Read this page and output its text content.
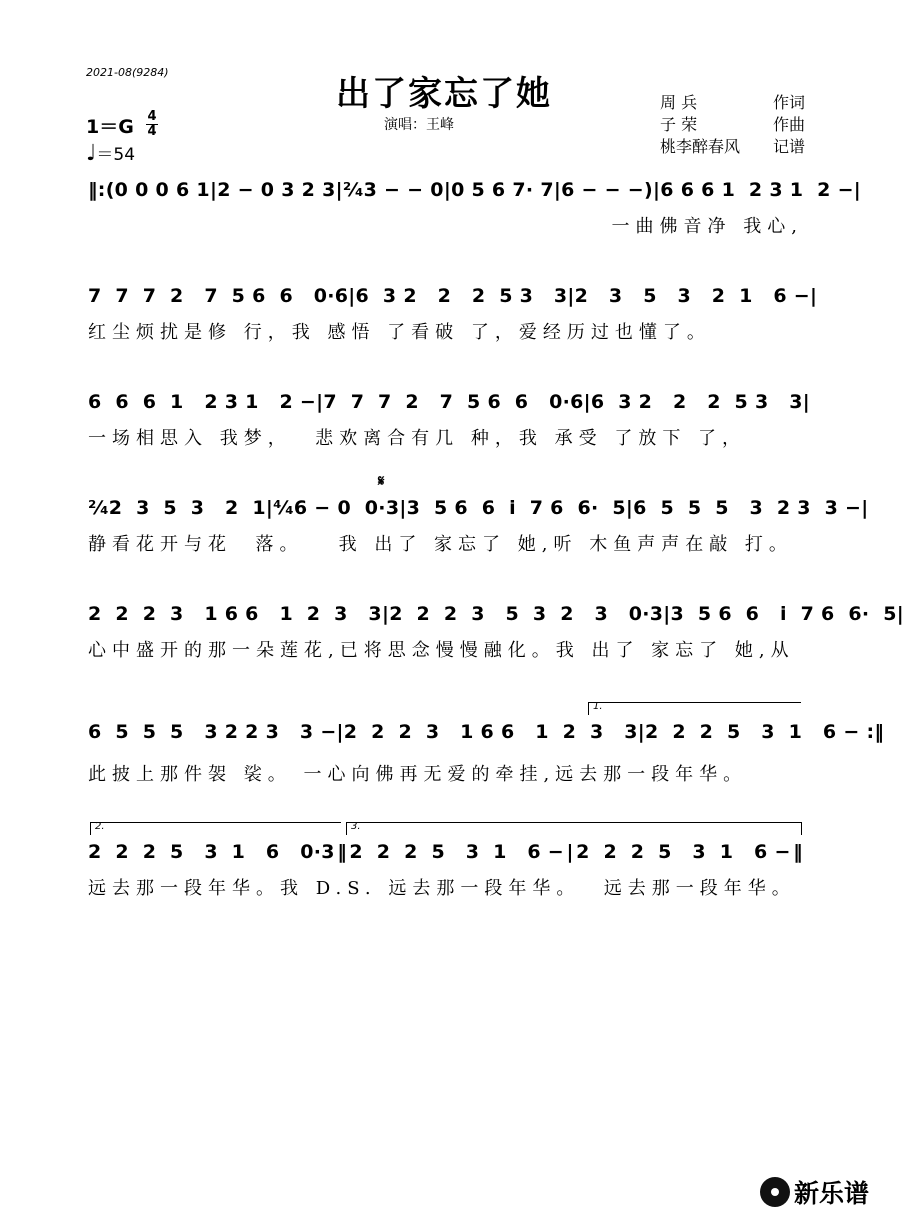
2021-08(9284)
出了家忘了她
演唱：王峰
周 兵	作词
子 荣	作曲
桃李醉春风 记谱
1＝G 4
4
♩＝54
𝄋
‖:(0 0 0 6 1 | 2 − 0 3 2 3 | ²⁄₄3 − − 0 | 0 5 6 7· 7 | 6 − − −) | 6 6 6 1  2 3 1  2 − |
一曲佛音净 我心,
7  7  7  2   7  5 6  6   0·6 | 6  3 2   2   2  5 3   3 | 2   3   5   3   2  1   6 − |
红尘烦扰是修 行，我 感悟 了看破 了，爱经历过也懂了。
6  6  6  1   2 3 1   2 − | 7  7  7  2   7  5 6  6   0·6 | 6  3 2   2   2  5 3   3 |
一场相思入 我梦，  悲欢离合有几 种，我 承受 了放下 了，
²⁄₄2  3  5  3   2  1 | ⁴⁄₄6 − 0  0·3 | 3  5 6  6  i  7 6  6·  5 | 6  5  5  5   3  2 3  3 − |
静看花开与花  落。   我 出了 家忘了 她,听 木鱼声声在敲 打。
2  2  2  3   1 6 6   1  2  3   3 | 2  2  2  3   5  3  2   3   0·3 | 3  5 6  6   i  7 6  6·  5 |
心中盛开的那一朵莲花,已将思念慢慢融化。我 出了 家忘了 她,从
1.
6  5  5  5   3 2 2 3   3 − | 2  2  2  3   1 6 6   1  2  3   3 | 2  2  2  5   3  1   6 − :‖
此披上那件袈 裟。 一心向佛再无爱的牵挂,远去那一段年华。
2.	3.
2  2  2  5   3  1   6   0·3 ‖ 2  2  2  5   3  1   6 − | 2  2  2  5   3  1   6 − ‖
远去那一段年华。我 D.S. 远去那一段年华。  远去那一段年华。
新乐谱
